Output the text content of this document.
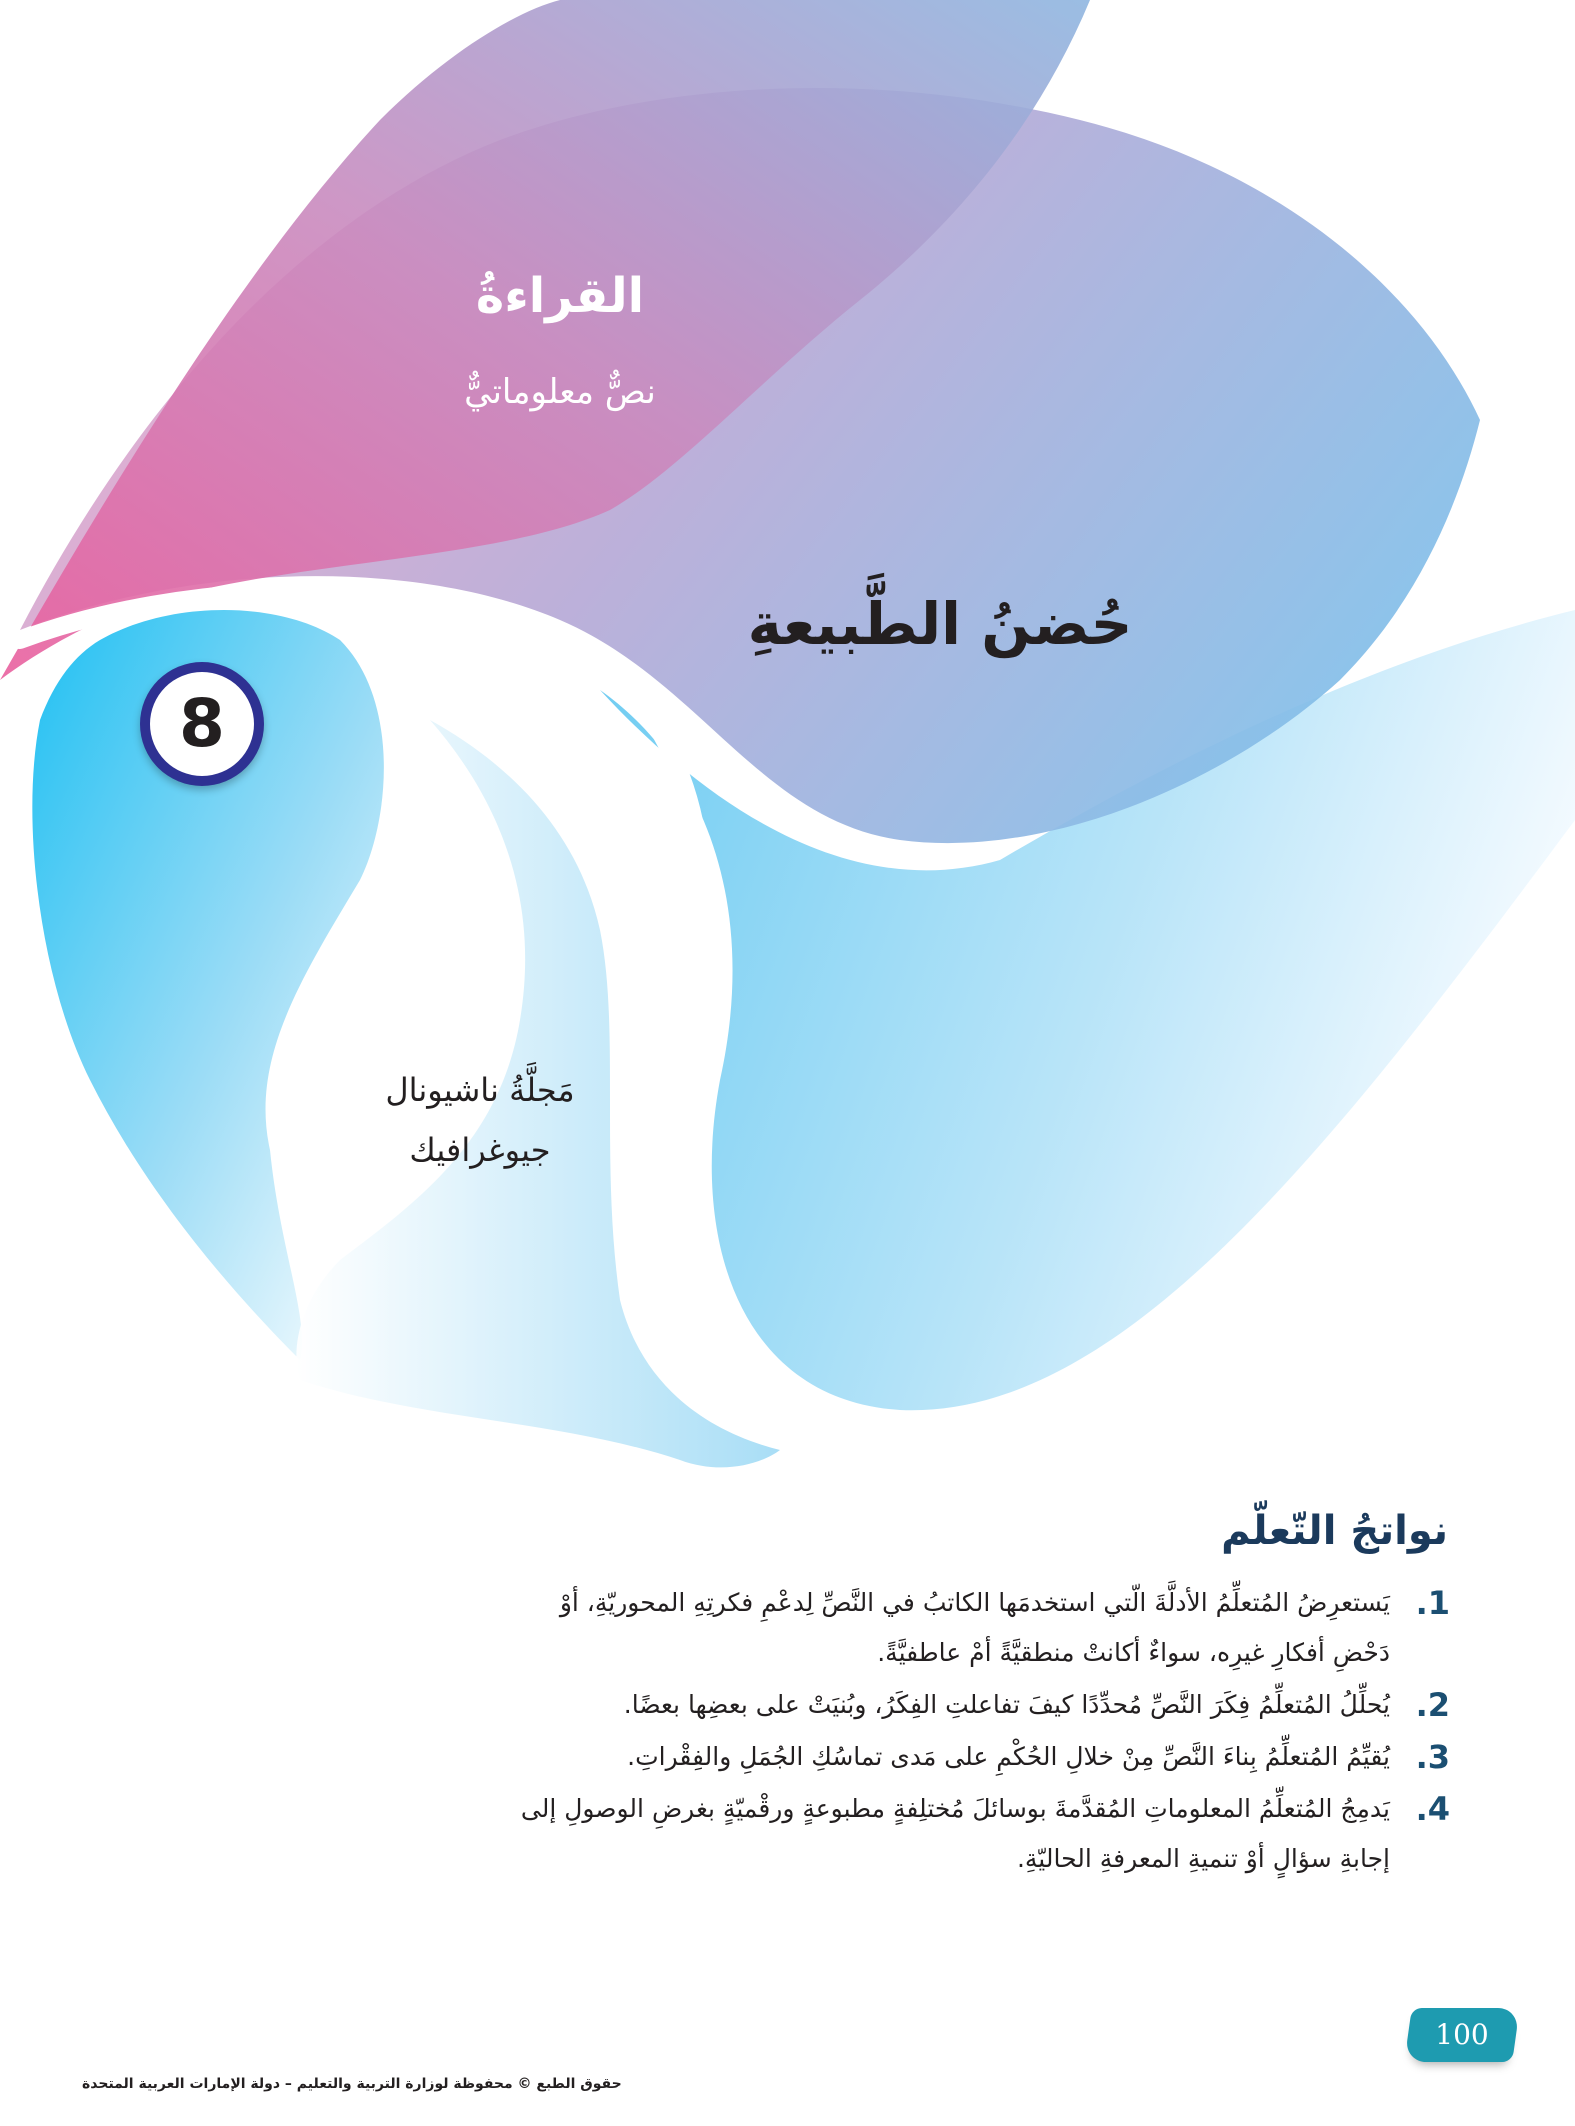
القراءةُ
نصٌّ معلوماتيٌّ
حُضنُ الطَّبيعةِ
8
مَجلَّةُ ناشيونال
جيوغرافيك
نواتجُ التّعلّم
1.
يَستعرِضُ المُتعلِّمُ الأدلَّةَ الّتي استخدمَها الكاتبُ في النَّصِّ لِدعْمِ فكرتِهِ المحوريّةِ، أوْ دَحْضِ أفكارِ غيرِه، سواءٌ أكانتْ منطقيَّةً أمْ عاطفيَّةً.
2.
يُحلِّلُ المُتعلِّمُ فِكَرَ النَّصِّ مُحدِّدًا كيفَ تفاعلتِ الفِكَرُ، وبُنيَتْ على بعضِها بعضًا.
3.
يُقيِّمُ المُتعلِّمُ بِناءَ النَّصِّ مِنْ خلالِ الحُكْمِ على مَدى تماسُكِ الجُمَلِ والفِقْراتِ.
4.
يَدمِجُ المُتعلِّمُ المعلوماتِ المُقدَّمةَ بوسائلَ مُختلِفةٍ مطبوعةٍ ورقْميّةٍ بغرضِ الوصولِ إلى إجابةِ سؤالٍ أوْ تنميةِ المعرفةِ الحاليّةِ.
100
حقوق الطبع © محفوظة لوزارة التربية والتعليم – دولة الإمارات العربية المتحدة
